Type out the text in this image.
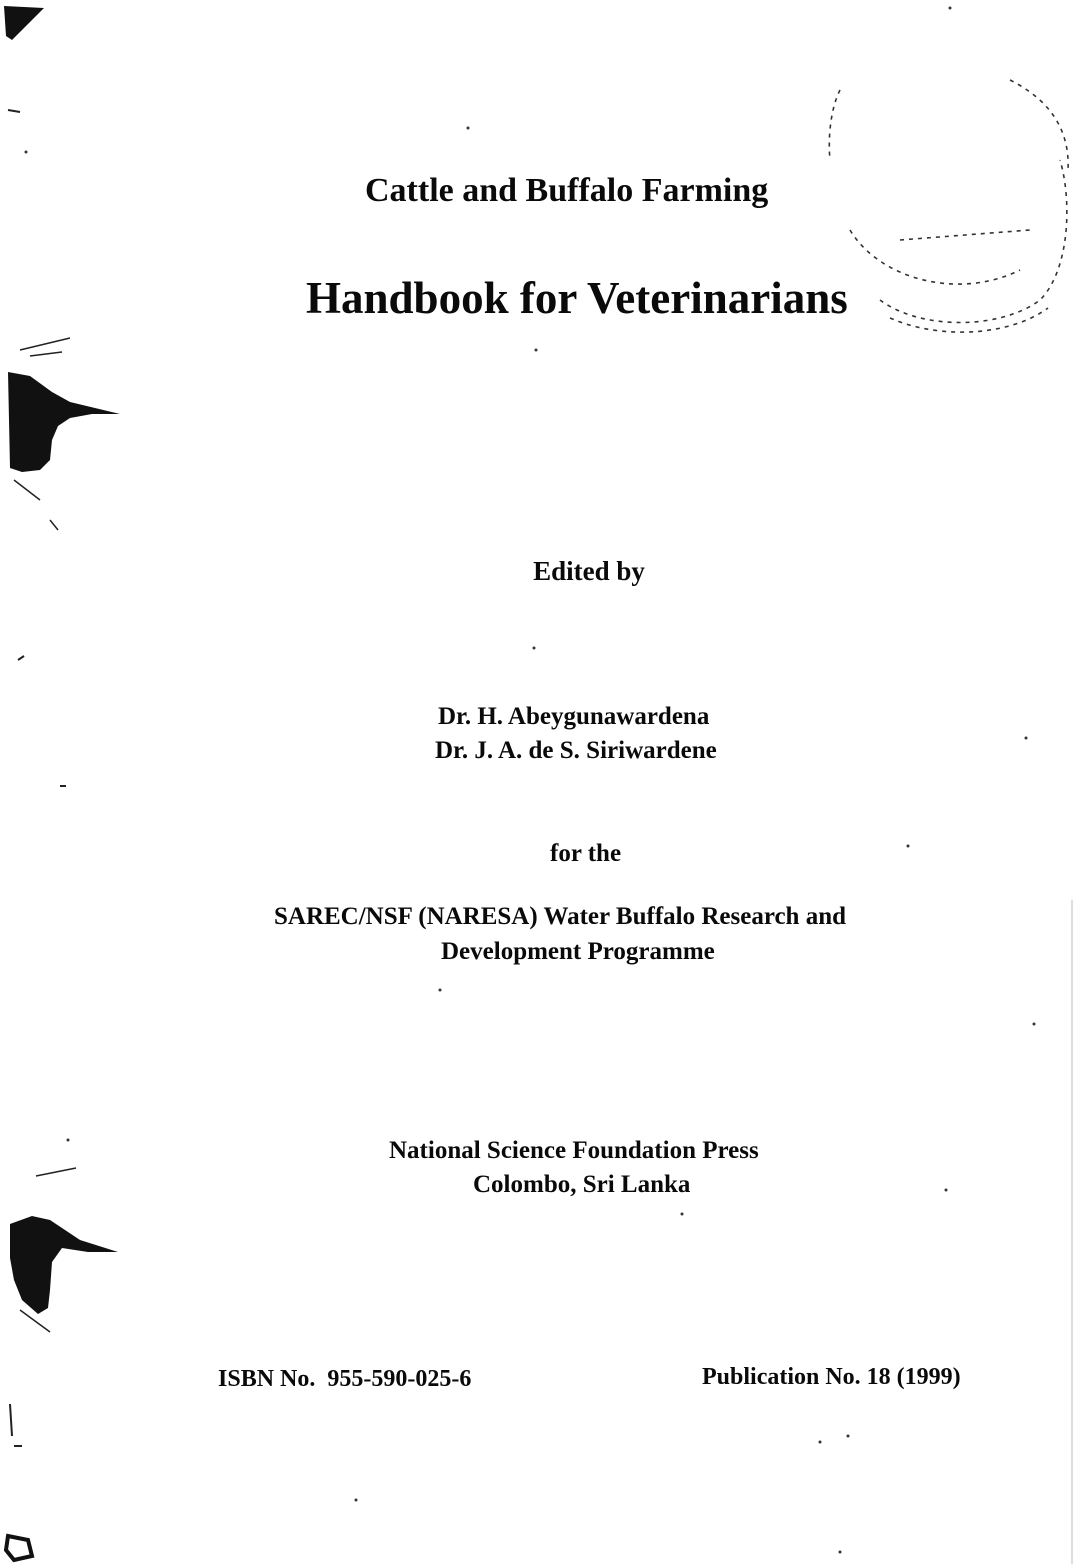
Cattle and Buffalo Farming
Handbook for Veterinarians
Edited by
Dr. H. Abeygunawardena
Dr. J. A. de S. Siriwardene
for the
SAREC/NSF (NARESA) Water Buffalo Research and
Development Programme
National Science Foundation Press
Colombo, Sri Lanka
ISBN No.  955-590-025-6	Publication No. 18 (1999)
